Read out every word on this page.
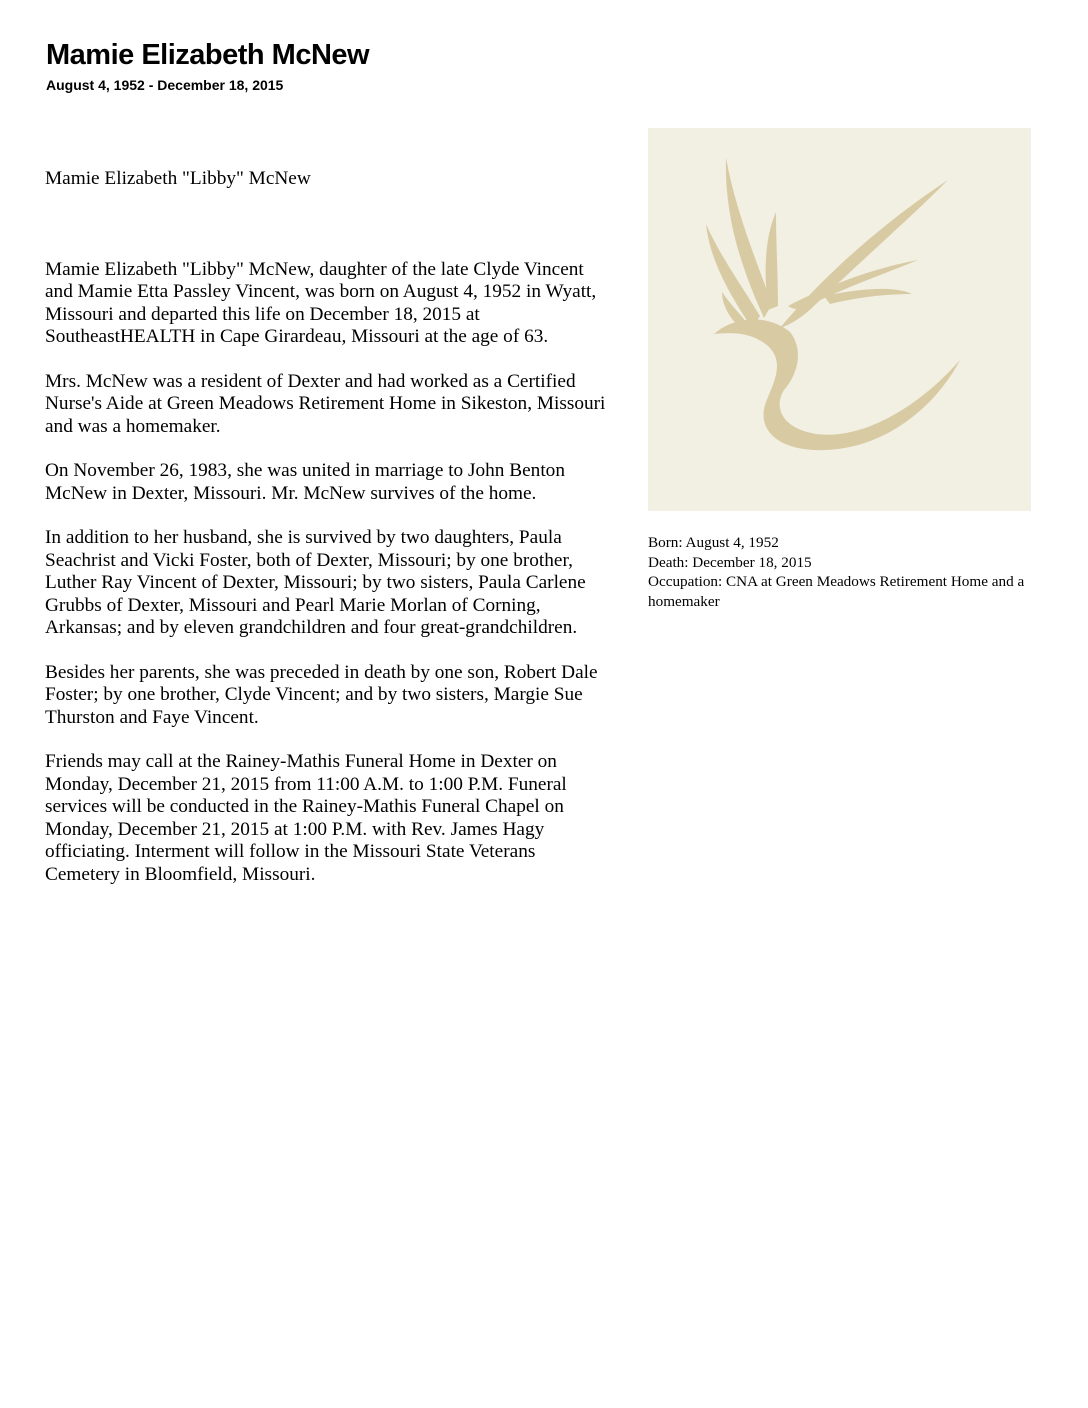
Mamie Elizabeth McNew
August 4, 1952 - December 18, 2015

Mamie Elizabeth "Libby" McNew

Mamie Elizabeth "Libby" McNew, daughter of the late Clyde Vincent and Mamie Etta Passley Vincent, was born on August 4, 1952 in Wyatt, Missouri and departed this life on December 18, 2015 at SoutheastHEALTH in Cape Girardeau, Missouri at the age of 63.

Mrs. McNew was a resident of Dexter and had worked as a Certified Nurse's Aide at Green Meadows Retirement Home in Sikeston, Missouri and was a homemaker.

On November 26, 1983, she was united in marriage to John Benton McNew in Dexter, Missouri. Mr. McNew survives of the home.

In addition to her husband, she is survived by two daughters, Paula Seachrist and Vicki Foster, both of Dexter, Missouri; by one brother, Luther Ray Vincent of Dexter, Missouri; by two sisters, Paula Carlene Grubbs of Dexter, Missouri and Pearl Marie Morlan of Corning, Arkansas; and by eleven grandchildren and four great-grandchildren.

Besides her parents, she was preceded in death by one son, Robert Dale Foster; by one brother, Clyde Vincent; and by two sisters, Margie Sue Thurston and Faye Vincent.

Friends may call at the Rainey-Mathis Funeral Home in Dexter on Monday, December 21, 2015 from 11:00 A.M. to 1:00 P.M. Funeral services will be conducted in the Rainey-Mathis Funeral Chapel on Monday, December 21, 2015 at 1:00 P.M. with Rev. James Hagy officiating. Interment will follow in the Missouri State Veterans Cemetery in Bloomfield, Missouri.

Born: August 4, 1952
Death: December 18, 2015
Occupation: CNA at Green Meadows Retirement Home and a homemaker
